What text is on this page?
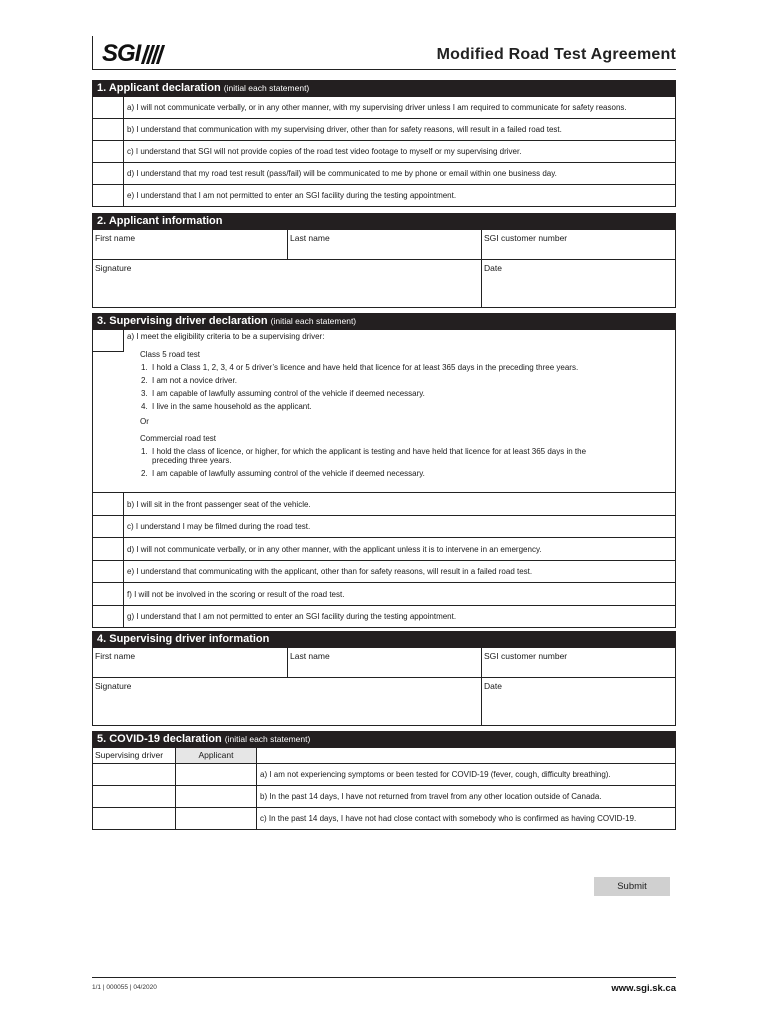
SGI	Modified Road Test Agreement
1. Applicant declaration (initial each statement)
a) I will not communicate verbally, or in any other manner, with my supervising driver unless I am required to communicate for safety reasons.
b) I understand that communication with my supervising driver, other than for safety reasons, will result in a failed road test.
c) I understand that SGI will not provide copies of the road test video footage to myself or my supervising driver.
d) I understand that my road test result (pass/fail) will be communicated to me by phone or email within one business day.
e) I understand that I am not permitted to enter an SGI facility during the testing appointment.
2. Applicant information
First name	Last name	SGI customer number
Signature	Date
3. Supervising driver declaration (initial each statement)

a) I meet the eligibility criteria to be a supervising driver:

Class 5 road test

1. I hold a Class 1, 2, 3, 4 or 5 driver’s licence and have held that licence for at least 365 days in the preceding three years.
2. I am not a novice driver.
3. I am capable of lawfully assuming control of the vehicle if deemed necessary.
4. I live in the same household as the applicant.

Or

Commercial road test

1. I hold the class of licence, or higher, for which the applicant is testing and have held that licence for at least 365 days in the preceding three years.
2. I am capable of lawfully assuming control of the vehicle if deemed necessary.
b) I will sit in the front passenger seat of the vehicle.
c) I understand I may be filmed during the road test.
d) I will not communicate verbally, or in any other manner, with the applicant unless it is to intervene in an emergency.
e) I understand that communicating with the applicant, other than for safety reasons, will result in a failed road test.
f) I will not be involved in the scoring or result of the road test.
g) I understand that I am not permitted to enter an SGI facility during the testing appointment.
4. Supervising driver information
First name	Last name	SGI customer number
Signature	Date
5. COVID-19 declaration (initial each statement)
Supervising driver	Applicant
a) I am not experiencing symptoms or been tested for COVID-19 (fever, cough, difficulty breathing).
b) In the past 14 days, I have not returned from travel from any other location outside of Canada.
c) In the past 14 days, I have not had close contact with somebody who is confirmed as having COVID-19.
Submit
1/1 | 000055 | 04/2020	www.sgi.sk.ca
